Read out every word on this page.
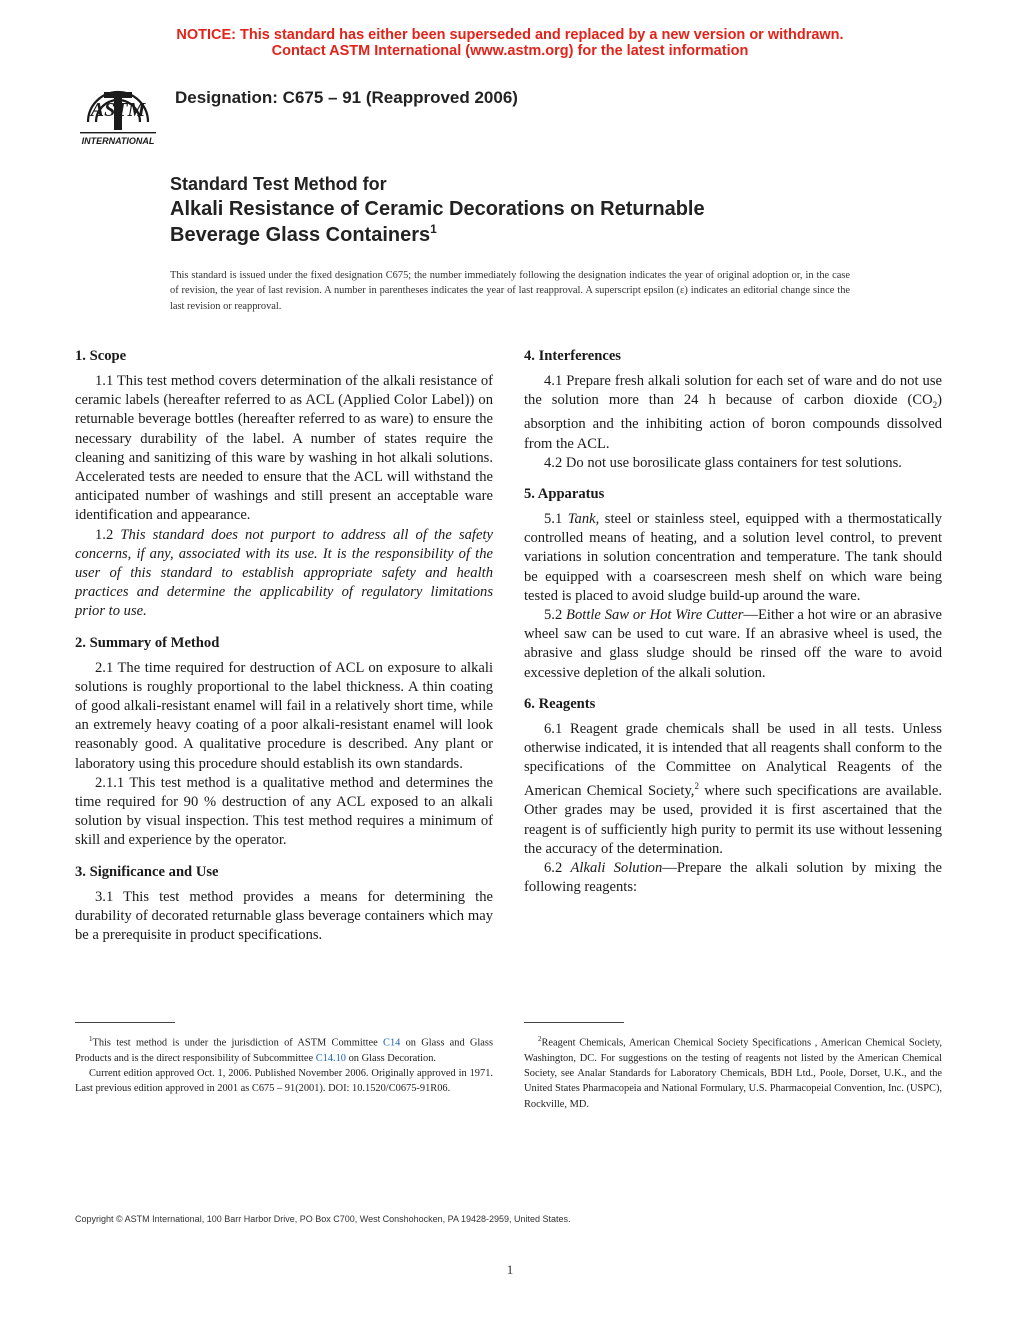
NOTICE: This standard has either been superseded and replaced by a new version or withdrawn.
Contact ASTM International (www.astm.org) for the latest information
ASTM
INTERNATIONAL
Designation: C675 – 91 (Reapproved 2006)
Standard Test Method for
Alkali Resistance of Ceramic Decorations on Returnable
Beverage Glass Containers$^1$
This standard is issued under the fixed designation C675; the number immediately following the designation indicates the year of original adoption or, in the case of revision, the year of last revision. A number in parentheses indicates the year of last reapproval. A superscript epsilon (ε) indicates an editorial change since the last revision or reapproval.
1. Scope

1.1 This test method covers determination of the alkali resistance of ceramic labels (hereafter referred to as ACL (Applied Color Label)) on returnable beverage bottles (hereafter referred to as ware) to ensure the necessary durability of the label. A number of states require the cleaning and sanitizing of this ware by washing in hot alkali solutions. Accelerated tests are needed to ensure that the ACL will withstand the anticipated number of washings and still present an acceptable ware identification and appearance.

1.2 This standard does not purport to address all of the safety concerns, if any, associated with its use. It is the responsibility of the user of this standard to establish appropriate safety and health practices and determine the applicability of regulatory limitations prior to use.

2. Summary of Method

2.1 The time required for destruction of ACL on exposure to alkali solutions is roughly proportional to the label thickness. A thin coating of good alkali-resistant enamel will fail in a relatively short time, while an extremely heavy coating of a poor alkali-resistant enamel will look reasonably good. A qualitative procedure is described. Any plant or laboratory using this procedure should establish its own standards.

2.1.1 This test method is a qualitative method and determines the time required for 90 % destruction of any ACL exposed to an alkali solution by visual inspection. This test method requires a minimum of skill and experience by the operator.

3. Significance and Use

3.1 This test method provides a means for determining the durability of decorated returnable glass beverage containers which may be a prerequisite in product specifications.

4. Interferences

4.1 Prepare fresh alkali solution for each set of ware and do not use the solution more than 24 h because of carbon dioxide $(CO_2)$ absorption and the inhibiting action of boron compounds dissolved from the ACL.

4.2 Do not use borosilicate glass containers for test solutions.

5. Apparatus

5.1 Tank, steel or stainless steel, equipped with a thermostatically controlled means of heating, and a solution level control, to prevent variations in solution concentration and temperature. The tank should be equipped with a coarsescreen mesh shelf on which ware being tested is placed to avoid sludge build-up around the ware.

5.2 Bottle Saw or Hot Wire Cutter—Either a hot wire or an abrasive wheel saw can be used to cut ware. If an abrasive wheel is used, the abrasive and glass sludge should be rinsed off the ware to avoid excessive depletion of the alkali solution.

6. Reagents

6.1 Reagent grade chemicals shall be used in all tests. Unless otherwise indicated, it is intended that all reagents shall conform to the specifications of the Committee on Analytical Reagents of the American Chemical Society,$^2$ where such specifications are available. Other grades may be used, provided it is first ascertained that the reagent is of sufficiently high purity to permit its use without lessening the accuracy of the determination.

6.2 Alkali Solution—Prepare the alkali solution by mixing the following reagents:

$^1$This test method is under the jurisdiction of ASTM Committee C14 on Glass and Glass Products and is the direct responsibility of Subcommittee C14.10 on Glass Decoration.

Current edition approved Oct. 1, 2006. Published November 2006. Originally approved in 1971. Last previous edition approved in 2001 as C675 – 91(2001). DOI: 10.1520/C0675-91R06.

$^2$Reagent Chemicals, American Chemical Society Specifications , American Chemical Society, Washington, DC. For suggestions on the testing of reagents not listed by the American Chemical Society, see Analar Standards for Laboratory Chemicals, BDH Ltd., Poole, Dorset, U.K., and the United States Pharmacopeia and National Formulary, U.S. Pharmacopeial Convention, Inc. (USPC), Rockville, MD.

Copyright © ASTM International, 100 Barr Harbor Drive, PO Box C700, West Conshohocken, PA 19428-2959, United States.
1
